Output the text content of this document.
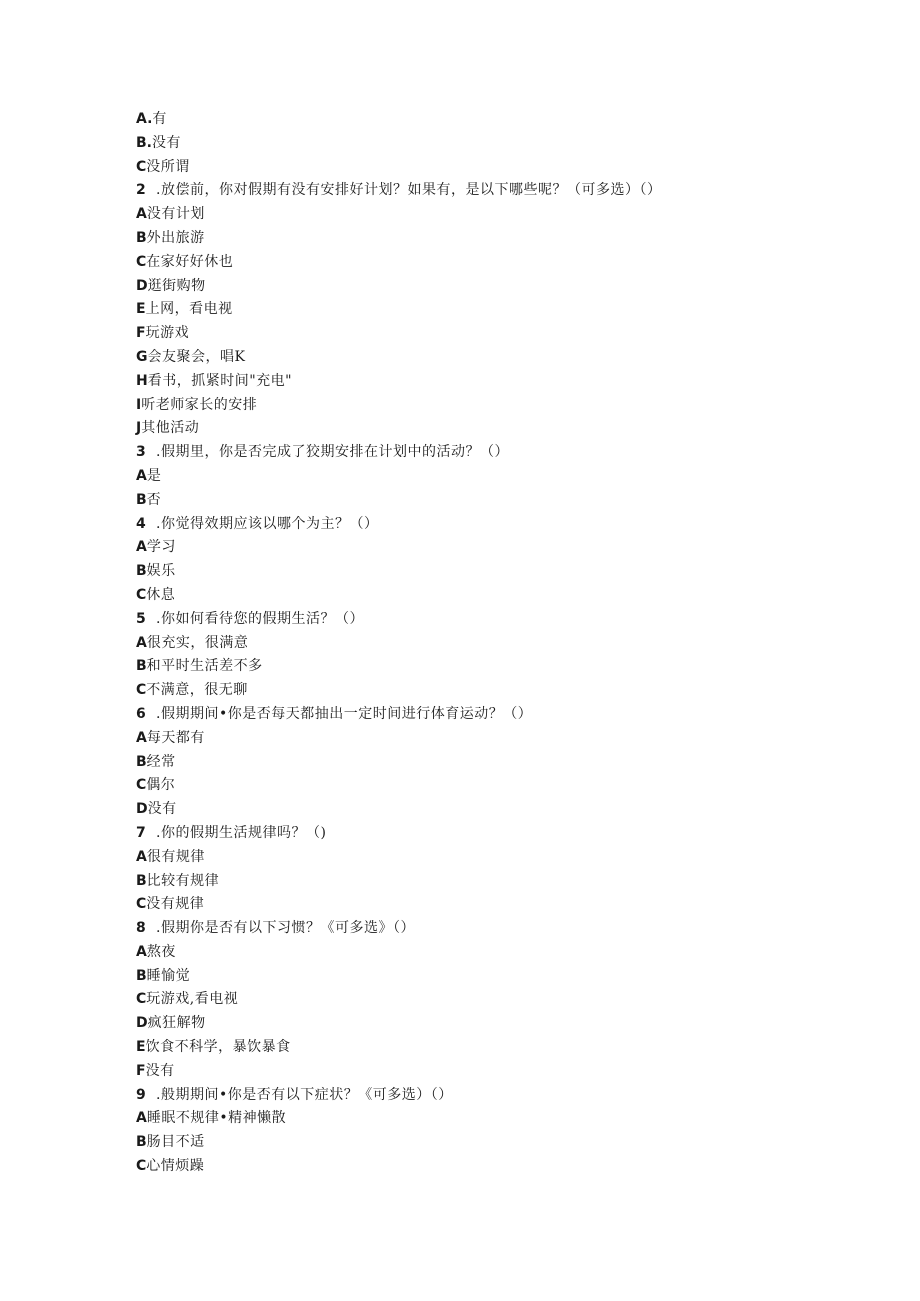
A.有
B.没有
C没所谓
2 .放偿前，你对假期有没有安排好计划？如果有，是以下哪些呢？（可多选）（）
A没有计划
B外出旅游
C在家好好休也
D逛街购物
E上网，看电视
F玩游戏
G会友聚会，唱K
H看书，抓紧时间"充电"
I听老师家长的安排
J其他活动
3 .假期里，你是否完成了狡期安排在计划中的活动？（）
A是
B否
4 .你觉得效期应该以哪个为主？（）
A学习
B娱乐
C休息
5 .你如何看待您的假期生活？（）
A很充实，很满意
B和平时生活差不多
C不满意，很无聊
6 .假期期间•你是否每天都抽出一定时间进行体育运动？（）
A每天都有
B经常
C偶尔
D没有
7 .你的假期生活规律吗？（)
A很有规律
B比较有规律
C没有规律
8 .假期你是否有以下习惯？《可多选》（）
A熬夜
B睡愉觉
C玩游戏,看电视
D疯狂解物
E饮食不科学，暴饮暴食
F没有
9 .般期期间•你是否有以下症状？《可多选）（）
A睡眠不规律•精神懒散
B肠目不适
C心情烦躁
